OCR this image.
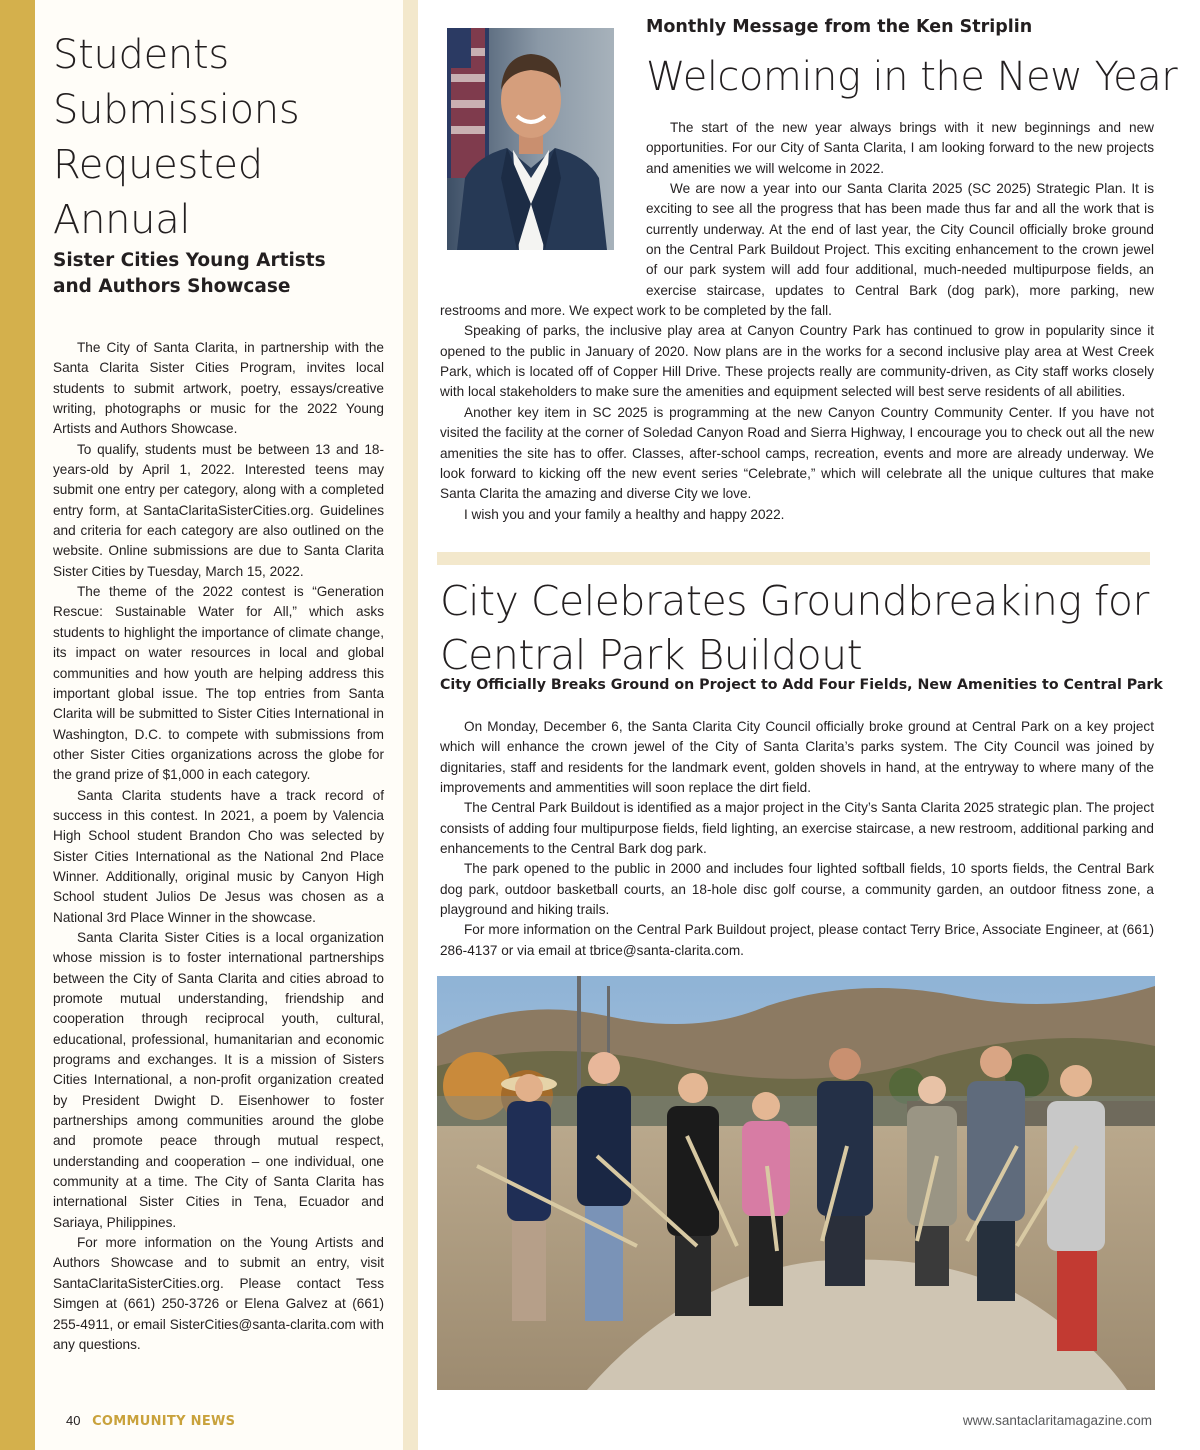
Students
Submissions
Requested
Annual
Sister Cities Young Artists
and Authors Showcase

The City of Santa Clarita, in partnership with the Santa Clarita Sister Cities Program, invites local students to submit artwork, poetry, essays/creative writing, photographs or music for the 2022 Young Artists and Authors Showcase.

To qualify, students must be between 13 and 18-years-old by April 1, 2022. Interested teens may submit one entry per category, along with a completed entry form, at SantaClaritaSisterCities.org. Guidelines and criteria for each category are also outlined on the website. Online submissions are due to Santa Clarita Sister Cities by Tuesday, March 15, 2022.

The theme of the 2022 contest is “Generation Rescue: Sustainable Water for All,” which asks students to highlight the importance of climate change, its impact on water resources in local and global communities and how youth are helping address this important global issue. The top entries from Santa Clarita will be submitted to Sister Cities International in Washington, D.C. to compete with submissions from other Sister Cities organizations across the globe for the grand prize of $1,000 in each category.

Santa Clarita students have a track record of success in this contest. In 2021, a poem by Valencia High School student Brandon Cho was selected by Sister Cities International as the National 2nd Place Winner. Additionally, original music by Canyon High School student Julios De Jesus was chosen as a National 3rd Place Winner in the showcase.

Santa Clarita Sister Cities is a local organization whose mission is to foster international partnerships between the City of Santa Clarita and cities abroad to promote mutual understanding, friendship and cooperation through reciprocal youth, cultural, educational, professional, humanitarian and economic programs and exchanges. It is a mission of Sisters Cities International, a non-profit organization created by President Dwight D. Eisenhower to foster partnerships among communities around the globe and promote peace through mutual respect, understanding and cooperation – one individual, one community at a time. The City of Santa Clarita has international Sister Cities in Tena, Ecuador and Sariaya, Philippines.

For more information on the Young Artists and Authors Showcase and to submit an entry, visit SantaClaritaSisterCities.org. Please contact Tess Simgen at (661) 250-3726 or Elena Galvez at (661) 255-4911, or email SisterCities@santa-clarita.com with any questions.

Monthly Message from the Ken Striplin
Welcoming in the New Year

The start of the new year always brings with it new beginnings and new opportunities. For our City of Santa Clarita, I am looking forward to the new projects and amenities we will welcome in 2022.

We are now a year into our Santa Clarita 2025 (SC 2025) Strategic Plan. It is exciting to see all the progress that has been made thus far and all the work that is currently underway. At the end of last year, the City Council officially broke ground on the Central Park Buildout Project. This exciting enhancement to the crown jewel of our park system will add four additional, much-needed multipurpose fields, an exercise staircase, updates to Central Bark (dog park), more parking, new restrooms and more. We expect work to be completed by the fall.

Speaking of parks, the inclusive play area at Canyon Country Park has continued to grow in popularity since it opened to the public in January of 2020. Now plans are in the works for a second inclusive play area at West Creek Park, which is located off of Copper Hill Drive. These projects really are community-driven, as City staff works closely with local stakeholders to make sure the amenities and equipment selected will best serve residents of all abilities.

Another key item in SC 2025 is programming at the new Canyon Country Community Center. If you have not visited the facility at the corner of Soledad Canyon Road and Sierra Highway, I encourage you to check out all the new amenities the site has to offer. Classes, after-school camps, recreation, events and more are already underway. We look forward to kicking off the new event series “Celebrate,” which will celebrate all the unique cultures that make Santa Clarita the amazing and diverse City we love.

I wish you and your family a healthy and happy 2022.

City Celebrates Groundbreaking for Central Park Buildout
City Officially Breaks Ground on Project to Add Four Fields, New Amenities to Central Park

On Monday, December 6, the Santa Clarita City Council officially broke ground at Central Park on a key project which will enhance the crown jewel of the City of Santa Clarita’s parks system. The City Council was joined by dignitaries, staff and residents for the landmark event, golden shovels in hand, at the entryway to where many of the improvements and ammentities will soon replace the dirt field.

The Central Park Buildout is identified as a major project in the City’s Santa Clarita 2025 strategic plan. The project consists of adding four multipurpose fields, field lighting, an exercise staircase, a new restroom, additional parking and enhancements to the Central Bark dog park.

The park opened to the public in 2000 and includes four lighted softball fields, 10 sports fields, the Central Bark dog park, outdoor basketball courts, an 18-hole disc golf course, a community garden, an outdoor fitness zone, a playground and hiking trails.

For more information on the Central Park Buildout project, please contact Terry Brice, Associate Engineer, at (661) 286-4137 or via email at tbrice@santa-clarita.com.

40 COMMUNITY NEWS	www.santaclaritamagazine.com
